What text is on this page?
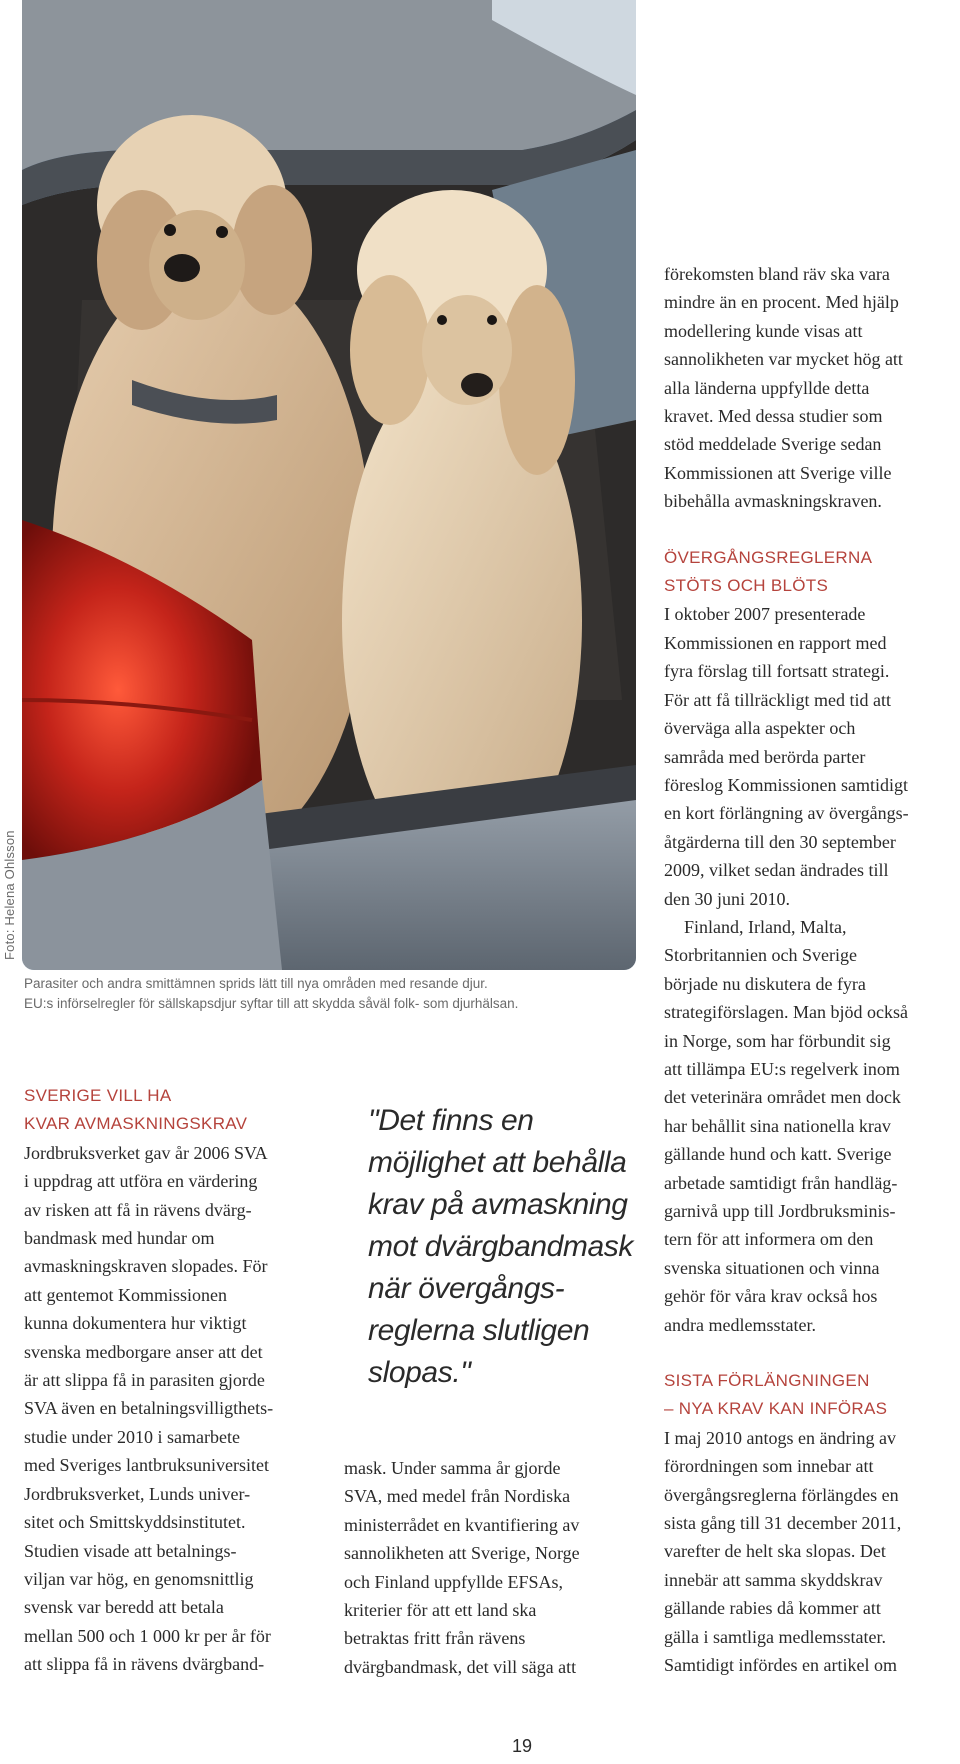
Foto: Helena Ohlsson

Parasiter och andra smittämnen sprids lätt till nya områden med resande djur.

EU:s införselregler för sällskapsdjur syftar till att skydda såväl folk- som djurhälsan.

SVERIGE VILL HA
KVAR AVMASKNINGSKRAV

Jordbruksverket gav år 2006 SVA
i uppdrag att utföra en värdering
av risken att få in rävens dvärg-
bandmask med hundar om
avmaskningskraven slopades. För
att gentemot Kommissionen
kunna dokumentera hur viktigt
svenska medborgare anser att det
är att slippa få in parasiten gjorde
SVA även en betalningsvilligthets-
studie under 2010 i samarbete
med Sveriges lantbruksuniversitet
Jordbruksverket, Lunds univer-
sitet och Smittskyddsinstitutet.
Studien visade att betalnings-
viljan var hög, en genomsnittlig
svensk var beredd att betala
mellan 500 och 1 000 kr per år för
att slippa få in rävens dvärgband-

"Det finns en
möjlighet att behålla
krav på avmaskning
mot dvärgbandmask
när övergångs-
reglerna slutligen
slopas."

mask. Under samma år gjorde
SVA, med medel från Nordiska
ministerrådet en kvantifiering av
sannolikheten att Sverige, Norge
och Finland uppfyllde EFSAs,
kriterier för att ett land ska
betraktas fritt från rävens
dvärgbandmask, det vill säga att

förekomsten bland räv ska vara
mindre än en procent. Med hjälp
modellering kunde visas att
sannolikheten var mycket hög att
alla länderna uppfyllde detta
kravet. Med dessa studier som
stöd meddelade Sverige sedan
Kommissionen att Sverige ville
bibehålla avmaskningskraven.

ÖVERGÅNGSREGLERNA
STÖTS OCH BLÖTS

I oktober 2007 presenterade
Kommissionen en rapport med
fyra förslag till fortsatt strategi.
För att få tillräckligt med tid att
överväga alla aspekter och
samråda med berörda parter
föreslog Kommissionen samtidigt
en kort förlängning av övergångs-
åtgärderna till den 30 september
2009, vilket sedan ändrades till
den 30 juni 2010.

Finland, Irland, Malta,
Storbritannien och Sverige
började nu diskutera de fyra
strategiförslagen. Man bjöd också
in Norge, som har förbundit sig
att tillämpa EU:s regelverk inom
det veterinära området men dock
har behållit sina nationella krav
gällande hund och katt. Sverige
arbetade samtidigt från handläg-
garnivå upp till Jordbruksminis-
tern för att informera om den
svenska situationen och vinna
gehör för våra krav också hos
andra medlemsstater.

SISTA FÖRLÄNGNINGEN
– NYA KRAV KAN INFÖRAS

I maj 2010 antogs en ändring av
förordningen som innebar att
övergångsreglerna förlängdes en
sista gång till 31 december 2011,
varefter de helt ska slopas. Det
innebär att samma skyddskrav
gällande rabies då kommer att
gälla i samtliga medlemsstater.
Samtidigt infördes en artikel om

19
